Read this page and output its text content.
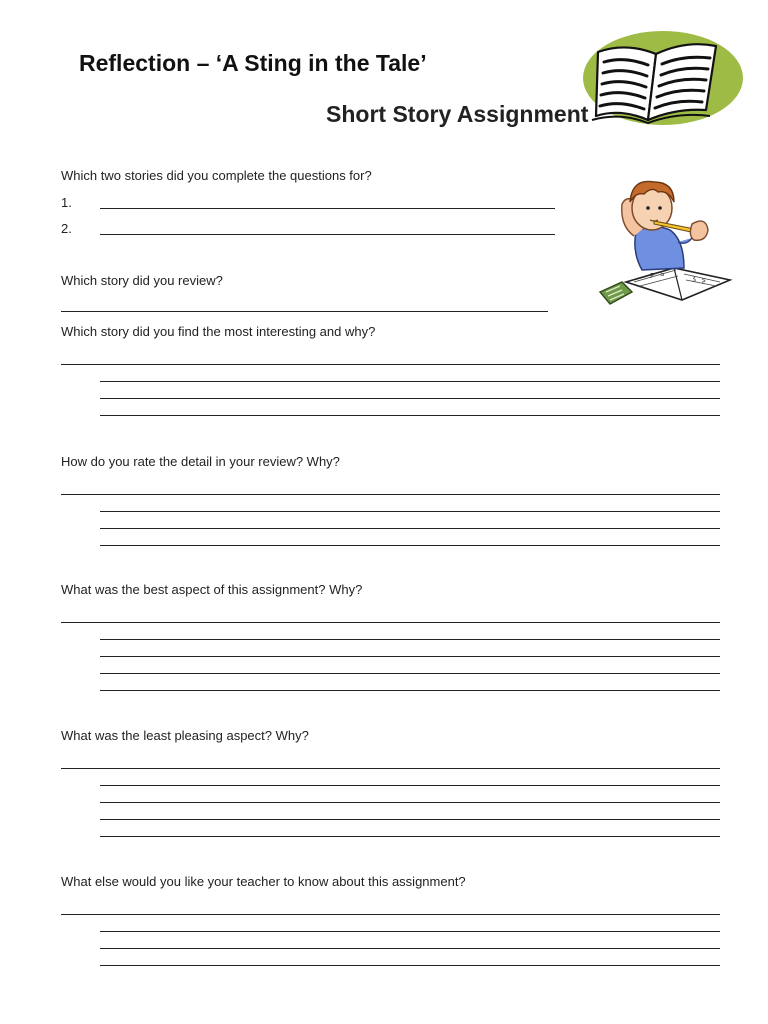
Reflection – ‘A Sting in the Tale’
Short Story Assignment
F S	ʒ ʂ

Which two stories did you complete the questions for?

1.
2.

Which story did you review?

Which story did you find the most interesting and why?

How do you rate the detail in your review? Why?

What was the best aspect of this assignment? Why?

What was the least pleasing aspect? Why?

What else would you like your teacher to know about this assignment?
